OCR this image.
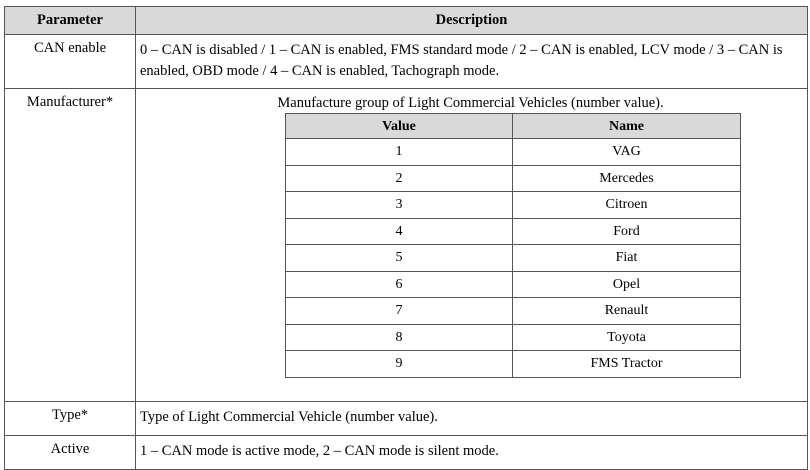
Parameter	Description
CAN enable	0 – CAN is disabled / 1 – CAN is enabled, FMS standard mode / 2 – CAN is enabled, LCV mode / 3 – CAN is enabled, OBD mode / 4 – CAN is enabled, Tachograph mode.
Manufacturer*	Manufacture group of Light Commercial Vehicles (number value).
Value	Name
1	VAG
2	Mercedes
3	Citroen
4	Ford
5	Fiat
6	Opel
7	Renault
8	Toyota
9	FMS Tractor

Type*	Type of Light Commercial Vehicle (number value).
Active	1 – CAN mode is active mode, 2 – CAN mode is silent mode.
